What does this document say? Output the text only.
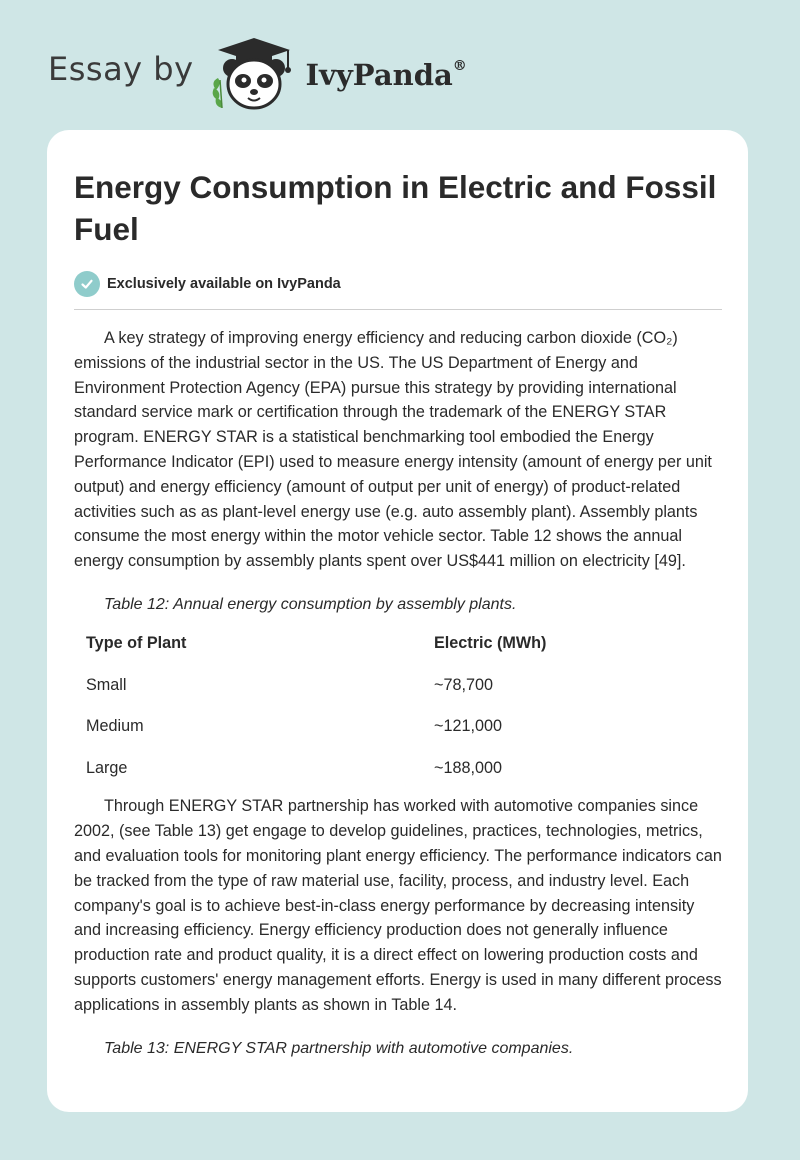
Essay by	IvyPanda®
Energy Consumption in Electric and Fossil Fuel
Exclusively available on IvyPanda

A key strategy of improving energy efficiency and reducing carbon dioxide (CO₂) emissions of the industrial sector in the US. The US Department of Energy and Environment Protection Agency (EPA) pursue this strategy by providing international standard service mark or certification through the trademark of the ENERGY STAR program. ENERGY STAR is a statistical benchmarking tool embodied the Energy Performance Indicator (EPI) used to measure energy intensity (amount of energy per unit output) and energy efficiency (amount of output per unit of energy) of product-related activities such as as plant-level energy use (e.g. auto assembly plant). Assembly plants consume the most energy within the motor vehicle sector. Table 12 shows the annual energy consumption by assembly plants spent over US$441 million on electricity [49].

Table 12: Annual energy consumption by assembly plants.

Type of Plant	Electric (MWh)
Small	~78,700
Medium	~121,000
Large	~188,000

Through ENERGY STAR partnership has worked with automotive companies since 2002, (see Table 13) get engage to develop guidelines, practices, technologies, metrics, and evaluation tools for monitoring plant energy efficiency. The performance indicators can be tracked from the type of raw material use, facility, process, and industry level. Each company's goal is to achieve best-in-class energy performance by decreasing intensity and increasing efficiency. Energy efficiency production does not generally influence production rate and product quality, it is a direct effect on lowering production costs and supports customers' energy management efforts. Energy is used in many different process applications in assembly plants as shown in Table 14.

Table 13: ENERGY STAR partnership with automotive companies.
